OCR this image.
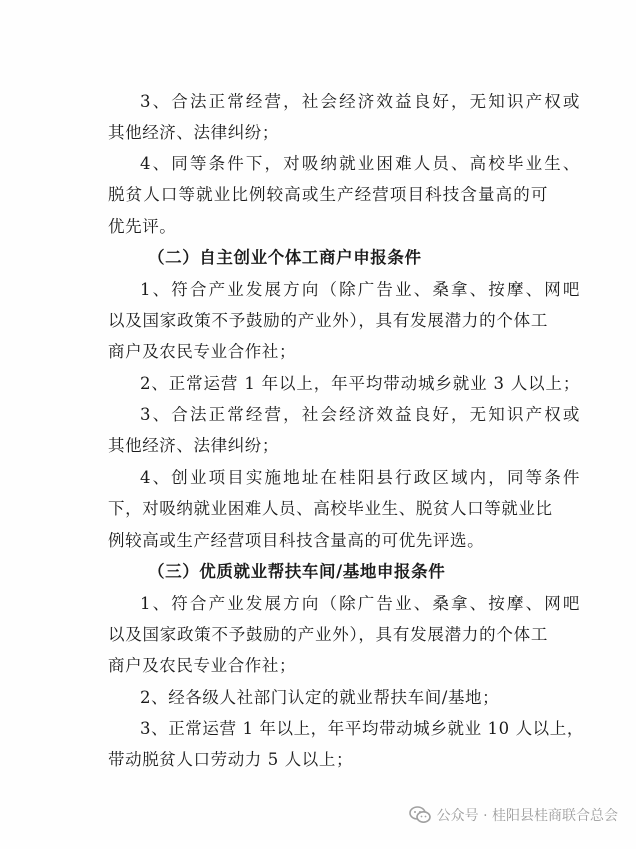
3、合法正常经营，社会经济效益良好，无知识产权或
其他经济、法律纠纷；
4、同等条件下，对吸纳就业困难人员、高校毕业生、
脱贫人口等就业比例较高或生产经营项目科技含量高的可
优先评。
（二）自主创业个体工商户申报条件
1、符合产业发展方向（除广告业、桑拿、按摩、网吧
以及国家政策不予鼓励的产业外），具有发展潜力的个体工
商户及农民专业合作社；
2、正常运营 1 年以上，年平均带动城乡就业 3 人以上；
3、合法正常经营，社会经济效益良好，无知识产权或
其他经济、法律纠纷；
4、创业项目实施地址在桂阳县行政区域内，同等条件
下，对吸纳就业困难人员、高校毕业生、脱贫人口等就业比
例较高或生产经营项目科技含量高的可优先评选。
（三）优质就业帮扶车间/基地申报条件
1、符合产业发展方向（除广告业、桑拿、按摩、网吧
以及国家政策不予鼓励的产业外），具有发展潜力的个体工
商户及农民专业合作社；
2、经各级人社部门认定的就业帮扶车间/基地；
3、正常运营 1 年以上，年平均带动城乡就业 10 人以上，
带动脱贫人口劳动力 5 人以上；
公众号 · 桂阳县桂商联合总会
